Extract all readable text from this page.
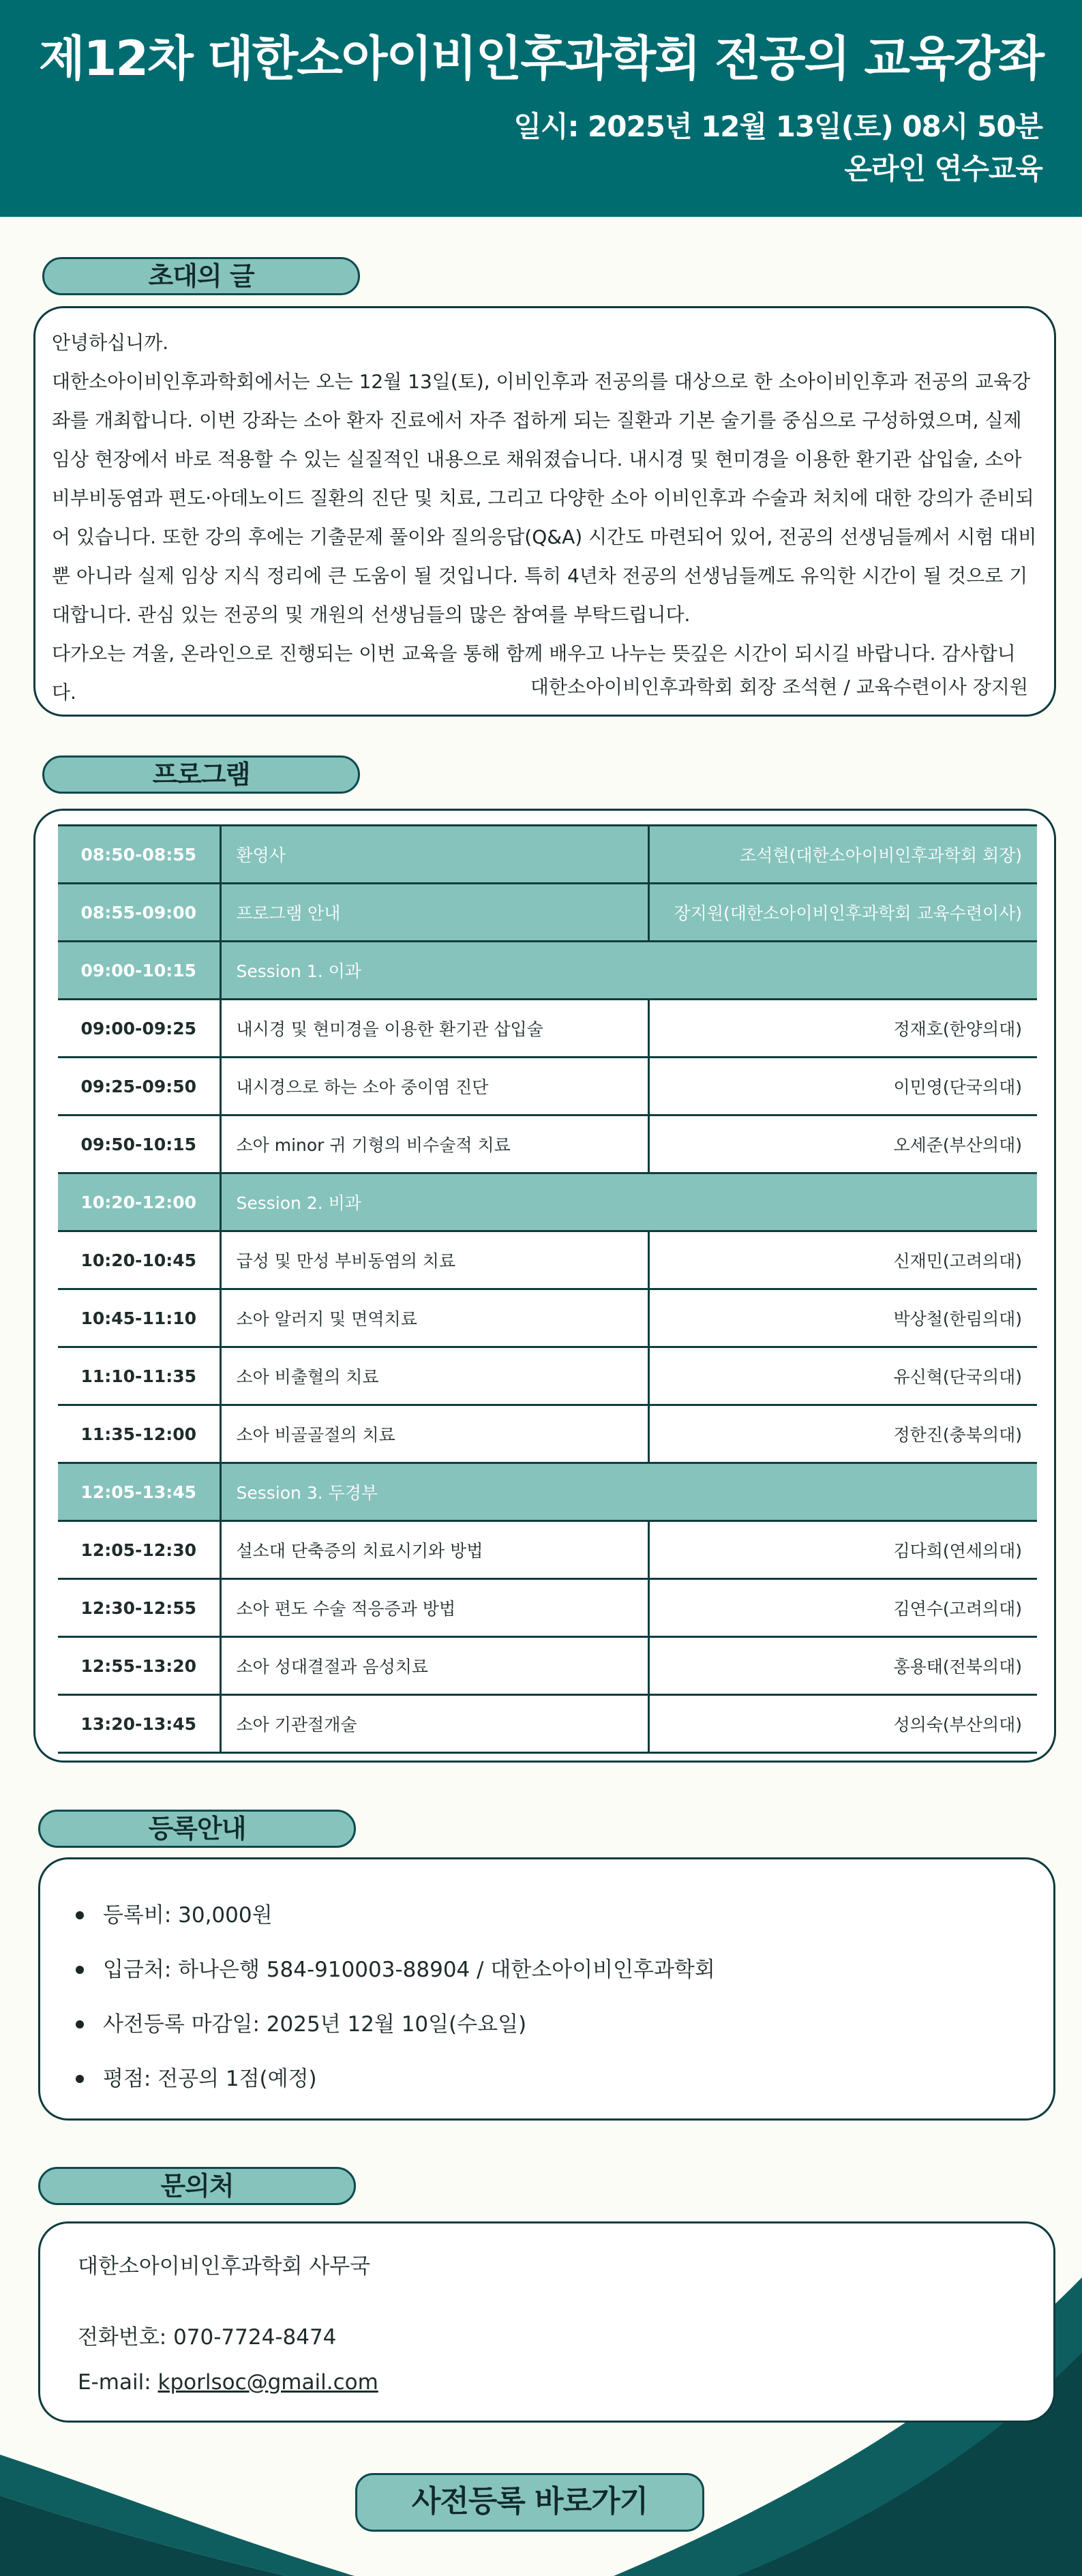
제12차 대한소아이비인후과학회 전공의 교육강좌
일시: 2025년 12월 13일(토) 08시 50분
온라인 연수교육
초대의 글

안녕하십니까.

대한소아이비인후과학회에서는 오는 12월 13일(토), 이비인후과 전공의를 대상으로 한 소아이비인후과 전공의 교육강좌를 개최합니다. 이번 강좌는 소아 환자 진료에서 자주 접하게 되는 질환과 기본 술기를 중심으로 구성하였으며, 실제 임상 현장에서 바로 적용할 수 있는 실질적인 내용으로 채워졌습니다. 내시경 및 현미경을 이용한 환기관 삽입술, 소아 비부비동염과 편도·아데노이드 질환의 진단 및 치료, 그리고 다양한 소아 이비인후과 수술과 처치에 대한 강의가 준비되어 있습니다. 또한 강의 후에는 기출문제 풀이와 질의응답(Q&A) 시간도 마련되어 있어, 전공의 선생님들께서 시험 대비뿐 아니라 실제 임상 지식 정리에 큰 도움이 될 것입니다. 특히 4년차 전공의 선생님들께도 유익한 시간이 될 것으로 기대합니다. 관심 있는 전공의 및 개원의 선생님들의 많은 참여를 부탁드립니다.

다가오는 겨울, 온라인으로 진행되는 이번 교육을 통해 함께 배우고 나누는 뜻깊은 시간이 되시길 바랍니다. 감사합니다.	대한소아이비인후과학회 회장 조석현 / 교육수련이사 장지원
프로그램
08:50-08:55	환영사	조석현(대한소아이비인후과학회 회장)
08:55-09:00	프로그램 안내	장지원(대한소아이비인후과학회 교육수련이사)
09:00-10:15	Session 1. 이과	
09:00-09:25	내시경 및 현미경을 이용한 환기관 삽입술	정재호(한양의대)
09:25-09:50	내시경으로 하는 소아 중이염 진단	이민영(단국의대)
09:50-10:15	소아 minor 귀 기형의 비수술적 치료	오세준(부산의대)
10:20-12:00	Session 2. 비과	
10:20-10:45	급성 및 만성 부비동염의 치료	신재민(고려의대)
10:45-11:10	소아 알러지 및 면역치료	박상철(한림의대)
11:10-11:35	소아 비출혈의 치료	유신혁(단국의대)
11:35-12:00	소아 비골골절의 치료	정한진(충북의대)
12:05-13:45	Session 3. 두경부	
12:05-12:30	설소대 단축증의 치료시기와 방법	김다희(연세의대)
12:30-12:55	소아 편도 수술 적응증과 방법	김연수(고려의대)
12:55-13:20	소아 성대결절과 음성치료	홍용태(전북의대)
13:20-13:45	소아 기관절개술	성의숙(부산의대)
등록안내
등록비: 30,000원
입금처: 하나은행 584-910003-88904 / 대한소아이비인후과학회
사전등록 마감일: 2025년 12월 10일(수요일)
평점: 전공의 1점(예정)
문의처
대한소아이비인후과학회 사무국
전화번호: 070-7724-8474
E-mail: kporlsoc@gmail.com
사전등록 바로가기
